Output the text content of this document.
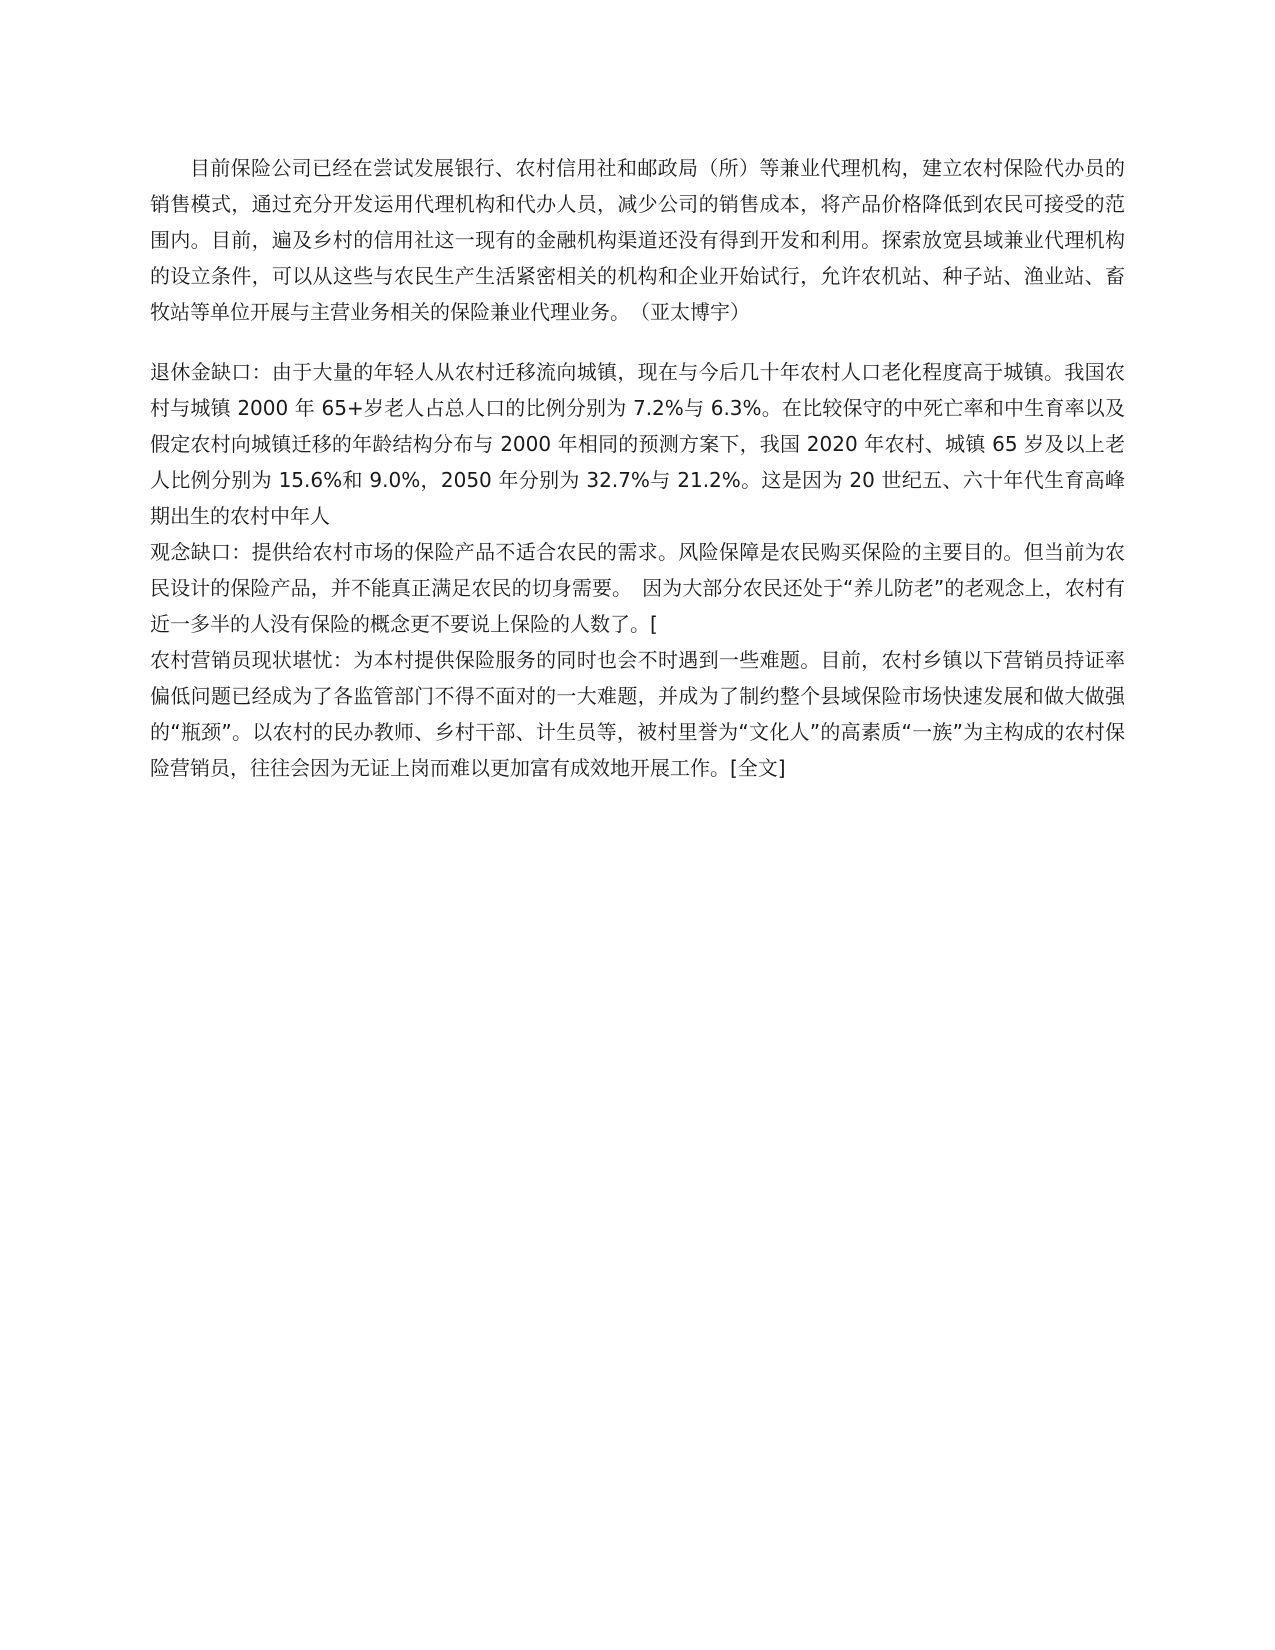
目前保险公司已经在尝试发展银行、农村信用社和邮政局（所）等兼业代理机构，建立农村保险代办员的销售模式，通过充分开发运用代理机构和代办人员，减少公司的销售成本，将产品价格降低到农民可接受的范围内。目前，遍及乡村的信用社这一现有的金融机构渠道还没有得到开发和利用。探索放宽县域兼业代理机构的设立条件，可以从这些与农民生产生活紧密相关的机构和企业开始试行，允许农机站、种子站、渔业站、畜牧站等单位开展与主营业务相关的保险兼业代理业务。　（亚太博宇）

退休金缺口：由于大量的年轻人从农村迁移流向城镇，现在与今后几十年农村人口老化程度高于城镇。我国农村与城镇 2000 年 65+岁老人占总人口的比例分别为 7.2%与 6.3%。在比较保守的中死亡率和中生育率以及假定农村向城镇迁移的年龄结构分布与 2000 年相同的预测方案下，我国 2020 年农村、城镇 65 岁及以上老人比例分别为 15.6%和 9.0%，2050 年分别为 32.7%与 21.2%。这是因为 20 世纪五、六十年代生育高峰期出生的农村中年人

观念缺口：提供给农村市场的保险产品不适合农民的需求。风险保障是农民购买保险的主要目的。但当前为农民设计的保险产品，并不能真正满足农民的切身需要。　因为大部分农民还处于“养儿防老”的老观念上，农村有近一多半的人没有保险的概念更不要说上保险的人数了。[

农村营销员现状堪忧：为本村提供保险服务的同时也会不时遇到一些难题。目前，农村乡镇以下营销员持证率偏低问题已经成为了各监管部门不得不面对的一大难题，并成为了制约整个县域保险市场快速发展和做大做强的“瓶颈”。以农村的民办教师、乡村干部、计生员等，被村里誉为“文化人”的高素质“一族”为主构成的农村保险营销员，往往会因为无证上岗而难以更加富有成效地开展工作。[全文]
